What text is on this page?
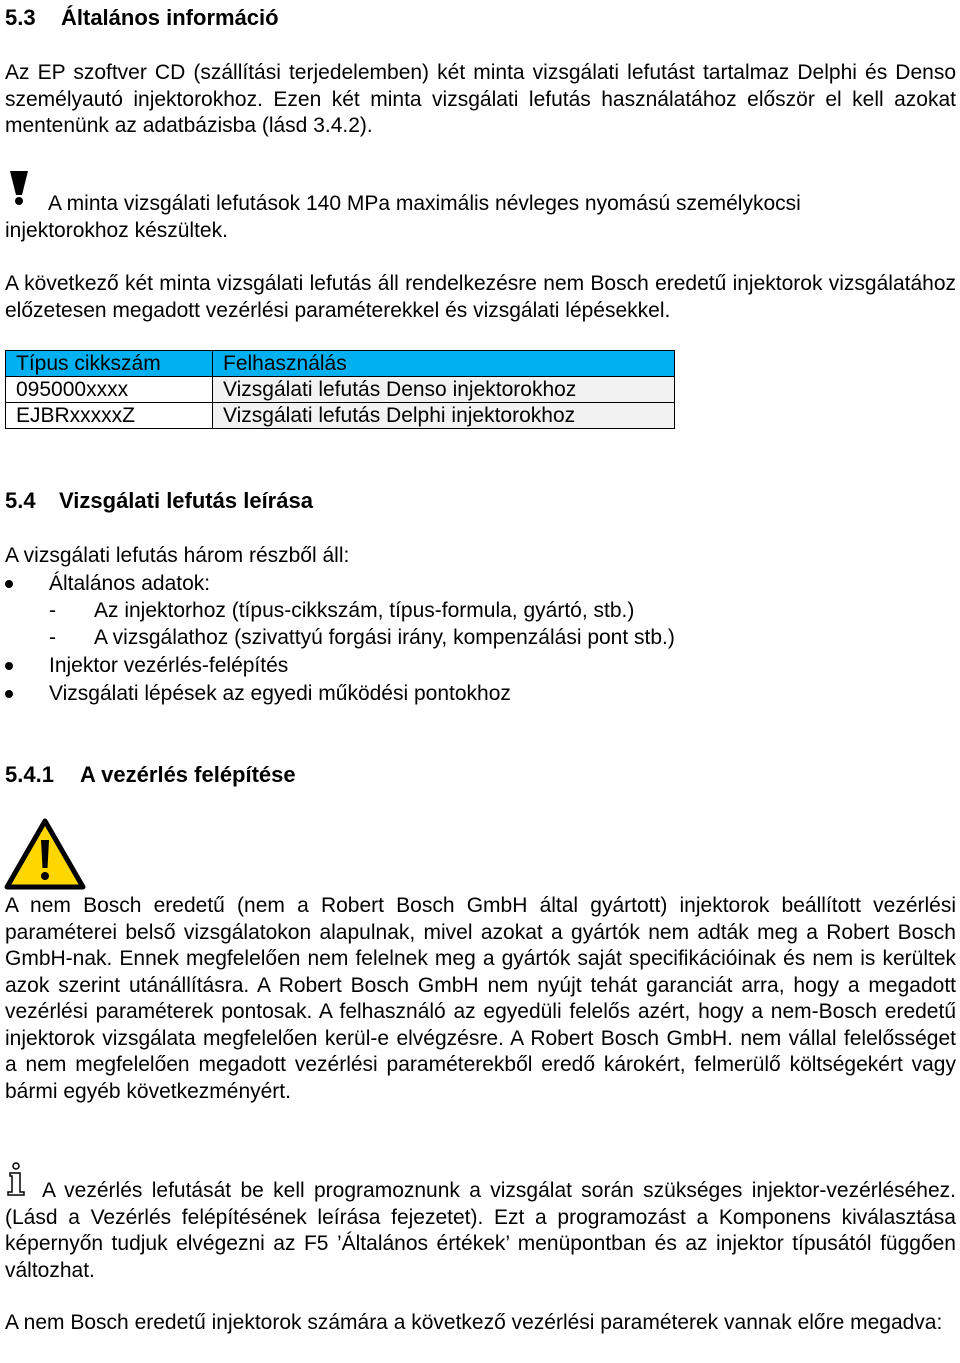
5.3 Általános információ
Az EP szoftver CD (szállítási terjedelemben) két minta vizsgálati lefutást tartalmaz Delphi és Denso személyautó injektorokhoz. Ezen két minta vizsgálati lefutás használatához először el kell azokat mentenünk az adatbázisba (lásd 3.4.2).
A minta vizsgálati lefutások 140 MPa maximális névleges nyomású személykocsi
injektorokhoz készültek.
A következő két minta vizsgálati lefutás áll rendelkezésre nem Bosch eredetű injektorok vizsgálatához előzetesen megadott vezérlési paraméterekkel és vizsgálati lépésekkel.
Típus cikkszám	Felhasználás
095000xxxx	Vizsgálati lefutás Denso injektorokhoz
EJBRxxxxxZ	Vizsgálati lefutás Delphi injektorokhoz
5.4 Vizsgálati lefutás leírása
A vizsgálati lefutás három részből áll:
Általános adatok:
- Az injektorhoz (típus-cikkszám, típus-formula, gyártó, stb.)
- A vizsgálathoz (szivattyú forgási irány, kompenzálási pont stb.)
Injektor vezérlés-felépítés
Vizsgálati lépések az egyedi működési pontokhoz
5.4.1 A vezérlés felépítése
A nem Bosch eredetű (nem a Robert Bosch GmbH által gyártott) injektorok beállított vezérlési paraméterei belső vizsgálatokon alapulnak, mivel azokat a gyártók nem adták meg a Robert Bosch GmbH-nak. Ennek megfelelően nem felelnek meg a gyártók saját specifikációinak és nem is kerültek azok szerint utánállításra. A Robert Bosch GmbH nem nyújt tehát garanciát arra, hogy a megadott vezérlési paraméterek pontosak. A felhasználó az egyedüli felelős azért, hogy a nem-Bosch eredetű injektorok vizsgálata megfelelően kerül-e elvégzésre. A Robert Bosch GmbH. nem vállal felelősséget a nem megfelelően megadott vezérlési paraméterekből eredő károkért, felmerülő költségekért vagy bármi egyéb következményért.
A vezérlés lefutását be kell programoznunk a vizsgálat során szükséges injektor-vezérléséhez. (Lásd a Vezérlés felépítésének leírása fejezetet). Ezt a programozást a Komponens kiválasztása képernyőn tudjuk elvégezni az F5 ’Általános értékek’ menüpontban és az injektor típusától függően változhat.
A nem Bosch eredetű injektorok számára a következő vezérlési paraméterek vannak előre megadva:
